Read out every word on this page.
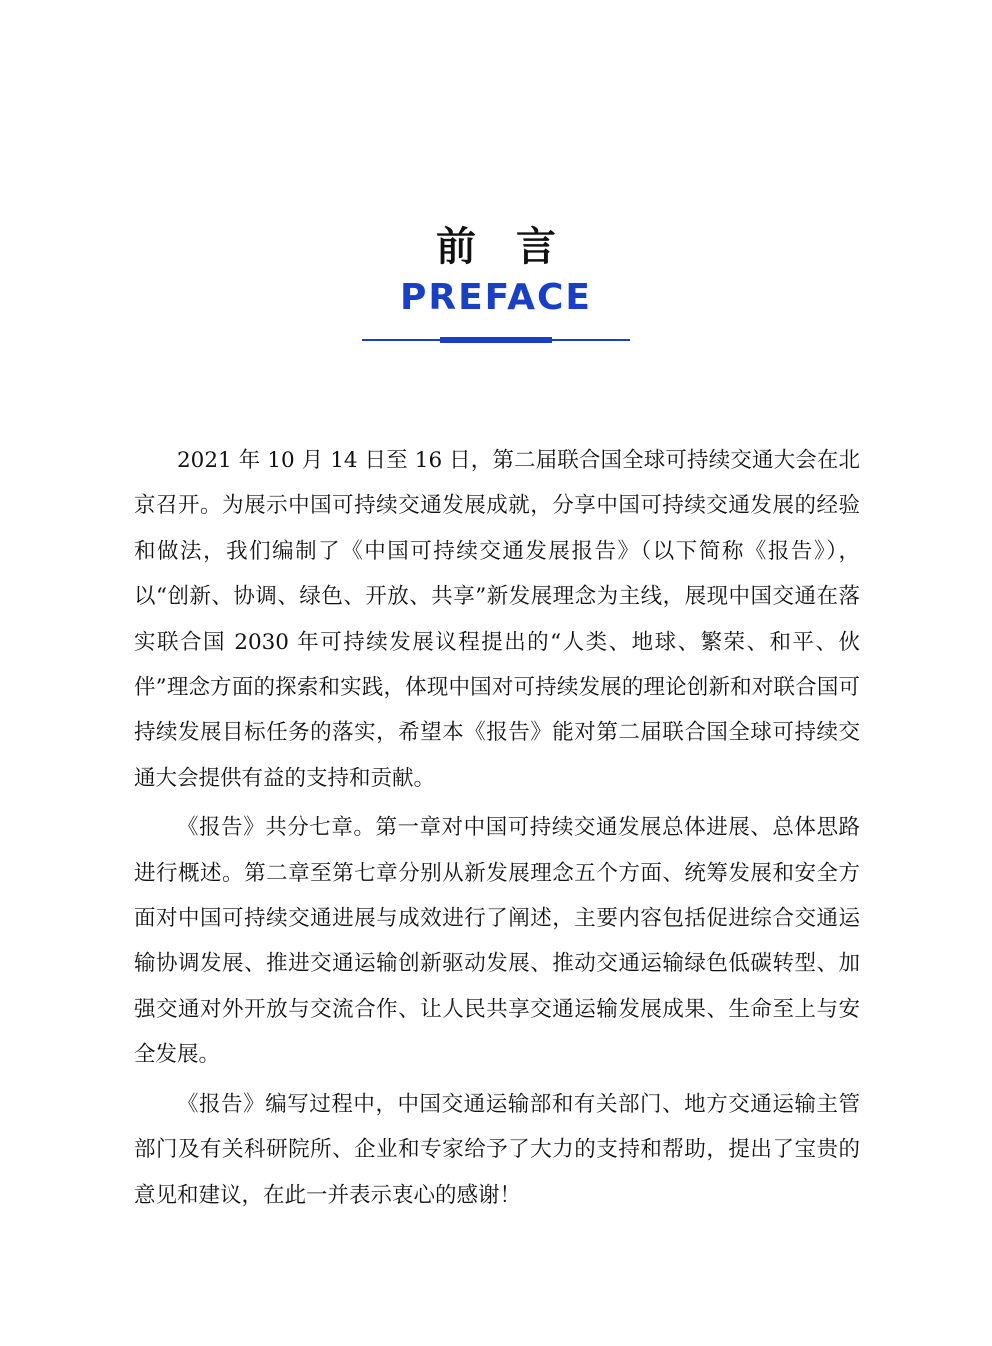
前言
PREFACE

2021 年 10 月 14 日至 16 日，第二届联合国全球可持续交通大会在北京召开。为展示中国可持续交通发展成就，分享中国可持续交通发展的经验和做法，我们编制了《中国可持续交通发展报告》（以下简称《报告》），以“创新、协调、绿色、开放、共享”新发展理念为主线，展现中国交通在落实联合国 2030 年可持续发展议程提出的“人类、地球、繁荣、和平、伙伴”理念方面的探索和实践，体现中国对可持续发展的理论创新和对联合国可持续发展目标任务的落实，希望本《报告》能对第二届联合国全球可持续交通大会提供有益的支持和贡献。

《报告》共分七章。第一章对中国可持续交通发展总体进展、总体思路进行概述。第二章至第七章分别从新发展理念五个方面、统筹发展和安全方面对中国可持续交通进展与成效进行了阐述，主要内容包括促进综合交通运输协调发展、推进交通运输创新驱动发展、推动交通运输绿色低碳转型、加强交通对外开放与交流合作、让人民共享交通运输发展成果、生命至上与安全发展。

《报告》编写过程中，中国交通运输部和有关部门、地方交通运输主管部门及有关科研院所、企业和专家给予了大力的支持和帮助，提出了宝贵的意见和建议，在此一并表示衷心的感谢！
